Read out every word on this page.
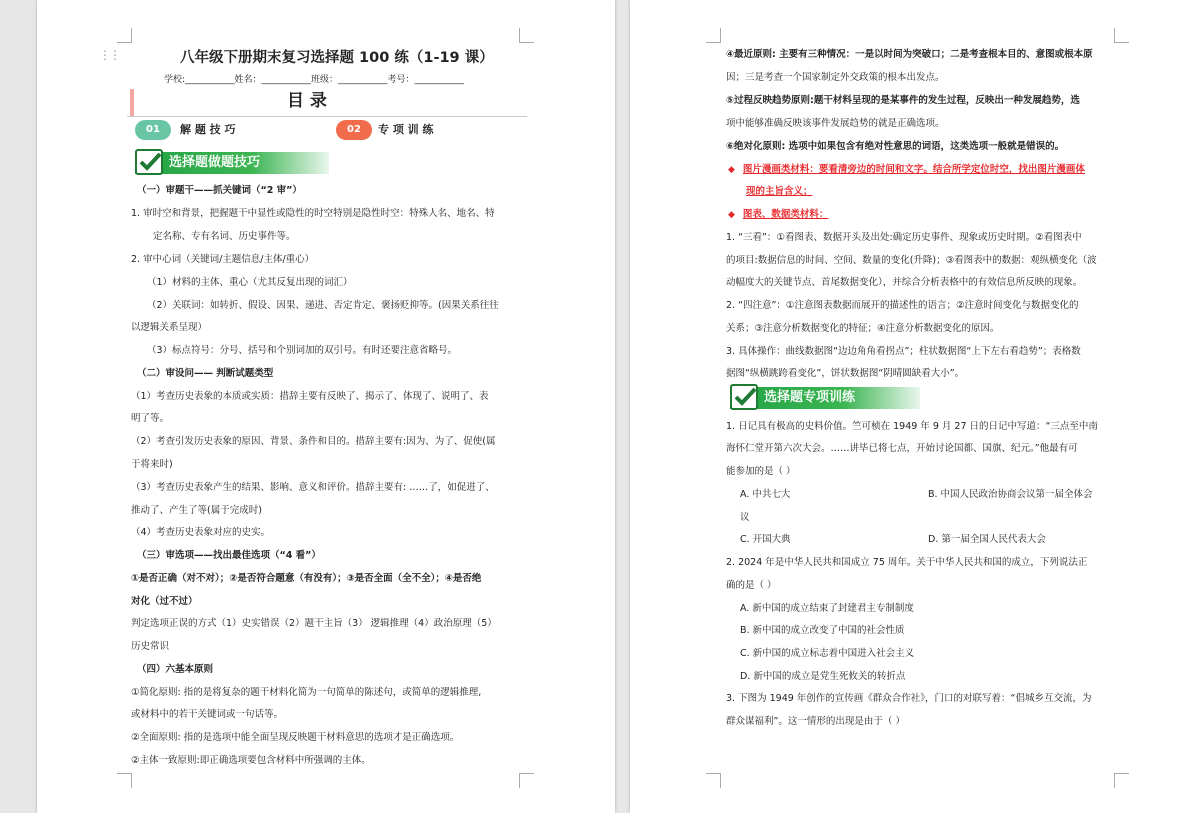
⋮⋮	八年级下册期末复习选择题 100 练（1-19 课）
学校:___________姓名：___________班级：___________考号：___________
目 录
01	解 题 技 巧	02	专 项 训 练
选择题做题技巧
（一）审题干——抓关键词（“2 审”）
1. 审时空和背景，把握题干中显性或隐性的时空特别是隐性时空：特殊人名、地名、特
定名称、专有名词、历史事件等。
2. 审中心词（关键词/主题信息/主体/重心）
（1）材料的主体、重心（尤其反复出现的词汇）
（2）关联词：如转折、假设、因果、递进、否定肯定、褒扬贬抑等。(因果关系往往
以逻辑关系呈现）
（3）标点符号：分号、括号和个别词加的双引号。有时还要注意省略号。
（二）审设问—— 判断试题类型
（1）考查历史表象的本质或实质：措辞主要有反映了、揭示了、体现了、说明了、表
明了等。
（2）考查引发历史表象的原因、背景、条件和目的。措辞主要有:因为、为了、促使(属
于将来时)
（3）考查历史表象产生的结果、影响、意义和评价。措辞主要有: ……了，如促进了、
推动了、产生了等(属于完成时)
（4）考查历史表象对应的史实。
（三）审选项——找出最佳选项（“4 看”）
①是否正确（对不对）；②是否符合题意（有没有）；③是否全面（全不全）；④是否绝
对化（过不过）
判定选项正误的方式（1）史实错误（2）题干主旨（3） 逻辑推理（4）政治原理（5）
历史常识
（四）六基本原则
①简化原则: 指的是将复杂的题干材料化简为一句简单的陈述句，或简单的逻辑推理,
或材料中的若干关键词或一句话等。
②全面原则: 指的是选项中能全面呈现反映题干材料意思的选项才是正确选项。
②主体一致原则:即正确选项要包含材料中所强调的主体。
④最近原则: 主要有三种情况：一是以时间为突破口；二是考查根本目的、意图或根本原
因；三是考查一个国家制定外交政策的根本出发点。
⑤过程反映趋势原则:题干材料呈现的是某事件的发生过程，反映出一种发展趋势，选
项中能够准确反映该事件发展趋势的就是正确选项。
⑥绝对化原则: 选项中如果包含有绝对性意思的词语，这类选项一般就是错误的。
◆ 图片漫画类材料：要看清旁边的时间和文字。结合所学定位时空，找出图片漫画体
现的主旨含义；
◆ 图表、数据类材料：
1. “三看”：①看图表、数据开头及出处:确定历史事件、现象或历史时期。②看图表中
的项目:数据信息的时间、空间、数量的变化(升降)；③看图表中的数据：观纵横变化（波
动幅度大的关键节点、首尾数据变化），并综合分析表格中的有效信息所反映的现象。
2. “四注意”：①注意图表数据而展开的描述性的语言；②注意时间变化与数据变化的
关系；③注意分析数据变化的特征；④注意分析数据变化的原因。
3. 具体操作：曲线数据图“边边角角看拐点”；柱状数据图“上下左右看趋势”；表格数
据图“纵横跳跨看变化”，饼状数据图“阴晴圆缺看大小”。
选择题专项训练
1. 日记具有极高的史料价值。竺可桢在 1949 年 9 月 27 日的日记中写道：“三点至中南
海怀仁堂开第六次大会。……讲毕已将七点，开始讨论国都、国旗、纪元。”他最有可
能参加的是（ ）
A. 中共七大	B. 中国人民政治协商会议第一届全体会
议
C. 开国大典	D. 第一届全国人民代表大会
2. 2024 年是中华人民共和国成立 75 周年。关于中华人民共和国的成立，下列说法正
确的是（ ）
A. 新中国的成立结束了封建君主专制制度
B. 新中国的成立改变了中国的社会性质
C. 新中国的成立标志着中国进入社会主义
D. 新中国的成立是党生死攸关的转折点
3. 下图为 1949 年创作的宣传画《群众合作社》，门口的对联写着：“倡城乡互交流，为
群众谋福利”。这一情形的出现是由于（ ）
